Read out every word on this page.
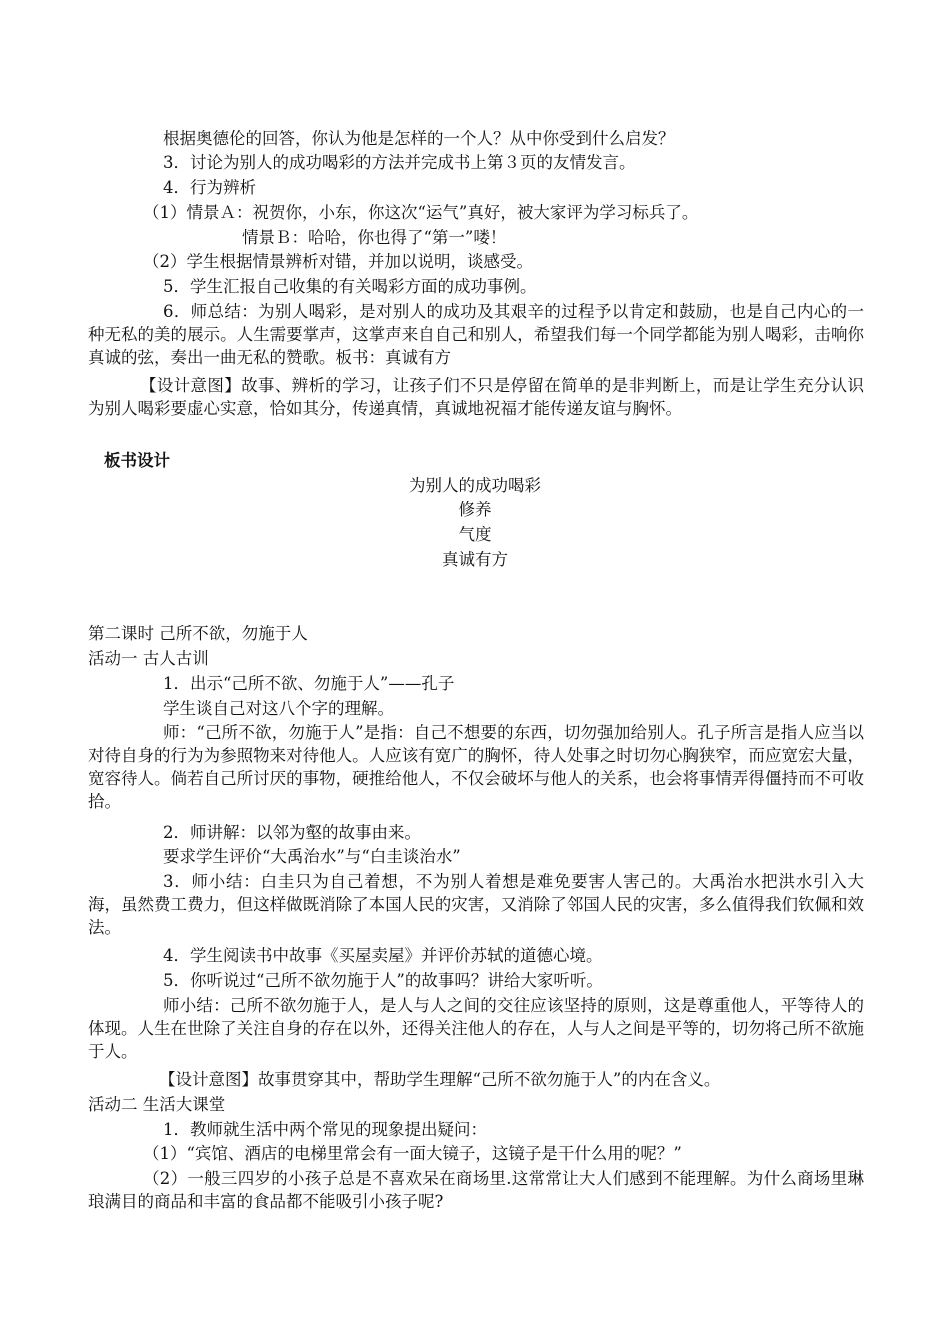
根据奥德伦的回答，你认为他是怎样的一个人？从中你受到什么启发？
3．讨论为别人的成功喝彩的方法并完成书上第３页的友情发言。
4．行为辨析
（1）情景Ａ：祝贺你，小东，你这次“运气”真好，被大家评为学习标兵了。
情景Ｂ：哈哈，你也得了“第一”喽！
（2）学生根据情景辨析对错，并加以说明，谈感受。
5．学生汇报自己收集的有关喝彩方面的成功事例。
6．师总结：为别人喝彩，是对别人的成功及其艰辛的过程予以肯定和鼓励，也是自己内心的一种无私的美的展示。人生需要掌声，这掌声来自自己和别人，希望我们每一个同学都能为别人喝彩，击响你真诚的弦，奏出一曲无私的赞歌。板书：真诚有方
【设计意图】故事、辨析的学习，让孩子们不只是停留在简单的是非判断上，而是让学生充分认识为别人喝彩要虚心实意，恰如其分，传递真情，真诚地祝福才能传递友谊与胸怀。
板书设计
为别人的成功喝彩
修养
气度
真诚有方
第二课时 己所不欲，勿施于人
活动一 古人古训
1．出示“己所不欲、勿施于人”——孔子
学生谈自己对这八个字的理解。
师：“己所不欲，勿施于人”是指：自己不想要的东西，切勿强加给别人。孔子所言是指人应当以对待自身的行为为参照物来对待他人。人应该有宽广的胸怀，待人处事之时切勿心胸狭窄，而应宽宏大量，宽容待人。倘若自己所讨厌的事物，硬推给他人，不仅会破坏与他人的关系，也会将事情弄得僵持而不可收拾。
2．师讲解：以邻为壑的故事由来。
要求学生评价“大禹治水”与“白圭谈治水”
3．师小结：白圭只为自己着想，不为别人着想是难免要害人害己的。大禹治水把洪水引入大海，虽然费工费力，但这样做既消除了本国人民的灾害，又消除了邻国人民的灾害，多么值得我们钦佩和效法。
4．学生阅读书中故事《买屋卖屋》并评价苏轼的道德心境。
5．你听说过“己所不欲勿施于人”的故事吗？讲给大家听听。
师小结：己所不欲勿施于人，是人与人之间的交往应该坚持的原则，这是尊重他人，平等待人的体现。人生在世除了关注自身的存在以外，还得关注他人的存在，人与人之间是平等的，切勿将己所不欲施于人。
【设计意图】故事贯穿其中，帮助学生理解“己所不欲勿施于人”的内在含义。
活动二 生活大课堂
1．教师就生活中两个常见的现象提出疑问：
（1）“宾馆、酒店的电梯里常会有一面大镜子，这镜子是干什么用的呢？”
（2）一般三四岁的小孩子总是不喜欢呆在商场里.这常常让大人们感到不能理解。为什么商场里琳琅满目的商品和丰富的食品都不能吸引小孩子呢?
